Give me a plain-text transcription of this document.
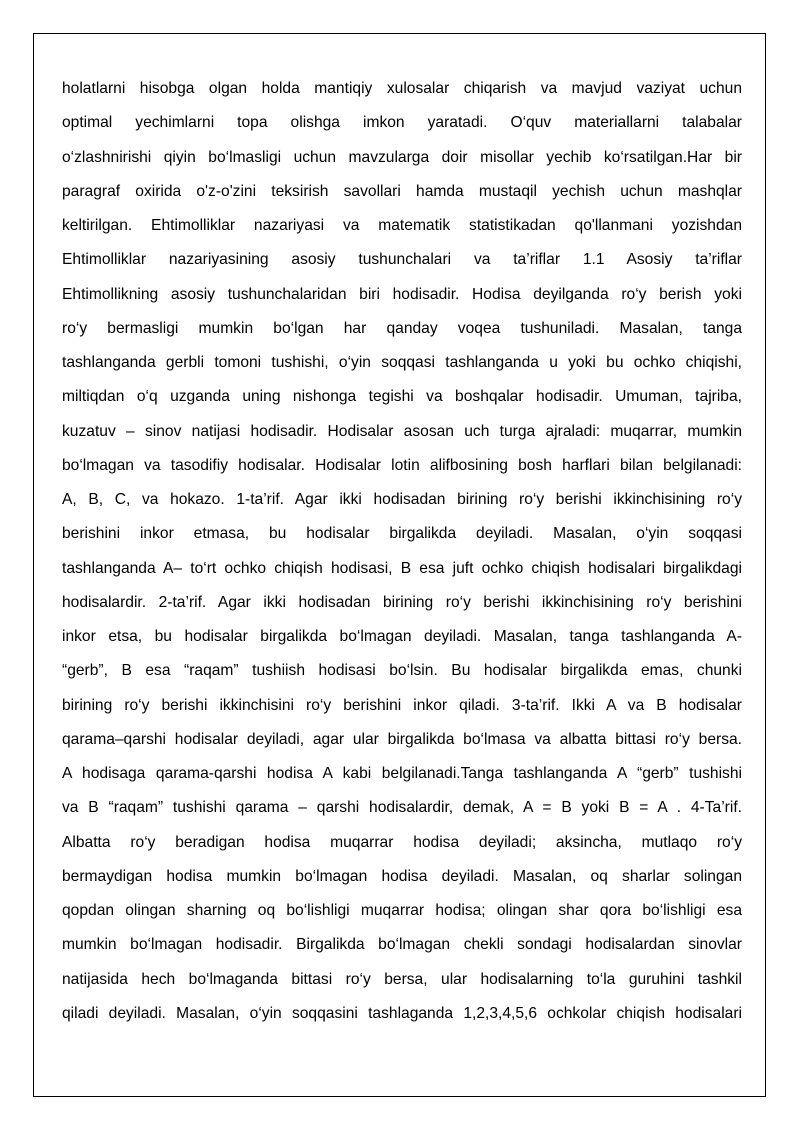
holatlarni hisobga olgan holda mantiqiy xulosalar chiqarish va mavjud vaziyat uchun
optimal yechimlarni topa olishga imkon yaratadi. O‘quv materiallarni talabalar
o‘zlashnirishi qiyin bo‘lmasligi uchun mavzularga doir misollar yechib ko‘rsatilgan.Har bir
paragraf oxirida o'z-o'zini teksirish savollari hamda mustaqil yechish uchun mashqlar
keltirilgan. Ehtimolliklar nazariyasi va matematik statistikadan qo'llanmani yozishdan
Ehtimolliklar nazariyasining asosiy tushunchalari va ta’riflar 1.1 Asosiy ta’riflar
Ehtimollikning asosiy tushunchalaridan biri hodisadir. Hodisa deyilganda ro‘y berish yoki
ro‘y bermasligi mumkin bo‘lgan har qanday voqea tushuniladi. Masalan, tanga
tashlanganda gerbli tomoni tushishi, o‘yin soqqasi tashlanganda u yoki bu ochko chiqishi,
miltiqdan o‘q uzganda uning nishonga tegishi va boshqalar hodisadir. Umuman, tajriba,
kuzatuv – sinov natijasi hodisadir. Hodisalar asosan uch turga ajraladi: muqarrar, mumkin
bo‘lmagan va tasodifiy hodisalar. Hodisalar lotin alifbosining bosh harflari bilan belgilanadi:
A, B, C, va hokazo. 1-ta’rif. Agar ikki hodisadan birining ro‘y berishi ikkinchisining ro‘y
berishini inkor etmasa, bu hodisalar birgalikda deyiladi. Masalan, o‘yin soqqasi
tashlanganda A– to‘rt ochko chiqish hodisasi, B esa juft ochko chiqish hodisalari birgalikdagi
hodisalardir. 2-ta’rif. Agar ikki hodisadan birining ro‘y berishi ikkinchisining ro‘y berishini
inkor etsa, bu hodisalar birgalikda bo‘lmagan deyiladi. Masalan, tanga tashlanganda A-
“gerb”, B esa “raqam” tushiish hodisasi bo‘lsin. Bu hodisalar birgalikda emas, chunki
birining ro‘y berishi ikkinchisini ro‘y berishini inkor qiladi. 3-ta’rif. Ikki A va B hodisalar
qarama–qarshi hodisalar deyiladi, agar ular birgalikda bo‘lmasa va albatta bittasi ro‘y bersa.
A hodisaga qarama-qarshi hodisa A kabi belgilanadi.Tanga tashlanganda A “gerb” tushishi
va B “raqam” tushishi qarama – qarshi hodisalardir, demak, A = B yoki B = A . 4-Ta’rif.
Albatta ro‘y beradigan hodisa muqarrar hodisa deyiladi; aksincha, mutlaqo ro‘y
bermaydigan hodisa mumkin bo‘lmagan hodisa deyiladi. Masalan, oq sharlar solingan
qopdan olingan sharning oq bo‘lishligi muqarrar hodisa; olingan shar qora bo‘lishligi esa
mumkin bo‘lmagan hodisadir. Birgalikda bo‘lmagan chekli sondagi hodisalardan sinovlar
natijasida hech bo‘lmaganda bittasi ro‘y bersa, ular hodisalarning to‘la guruhini tashkil
qiladi deyiladi. Masalan, o‘yin soqqasini tashlaganda 1,2,3,4,5,6 ochkolar chiqish hodisalari
